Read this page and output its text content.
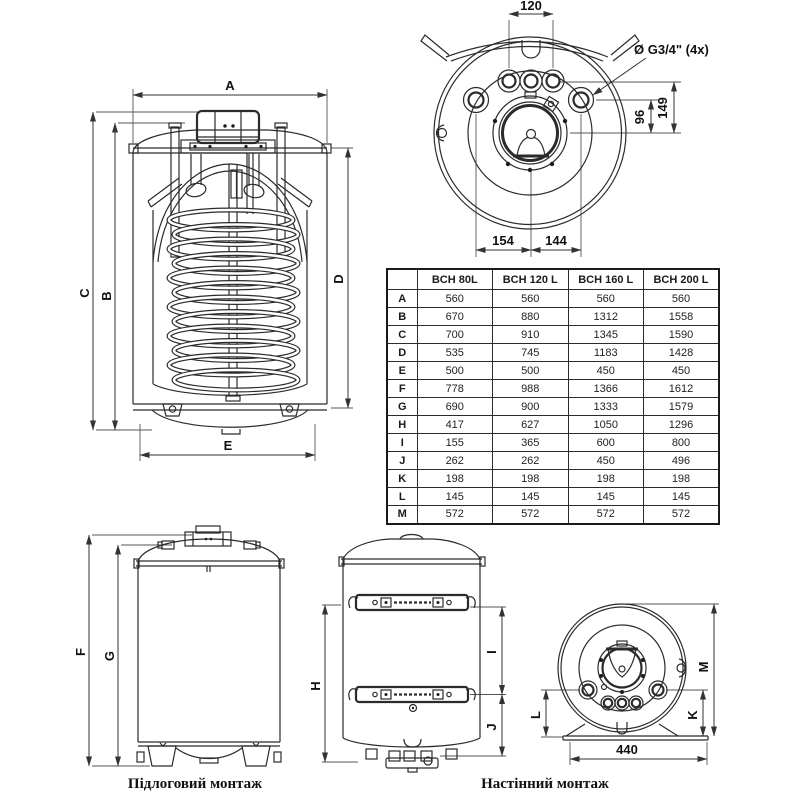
A
C B
D
E
120
Ø G3/4" (4x)
96 149
154 144
F G
H
I
J
M
K
L
440
	BCH 80L	BCH 120 L	BCH 160 L	BCH 200 L
A	560	560	560	560
B	670	880	1312	1558
C	700	910	1345	1590
D	535	745	1183	1428
E	500	500	450	450
F	778	988	1366	1612
G	690	900	1333	1579
H	417	627	1050	1296
I	155	365	600	800
J	262	262	450	496
K	198	198	198	198
L	145	145	145	145
M	572	572	572	572
Підлоговий монтаж	Настінний монтаж
